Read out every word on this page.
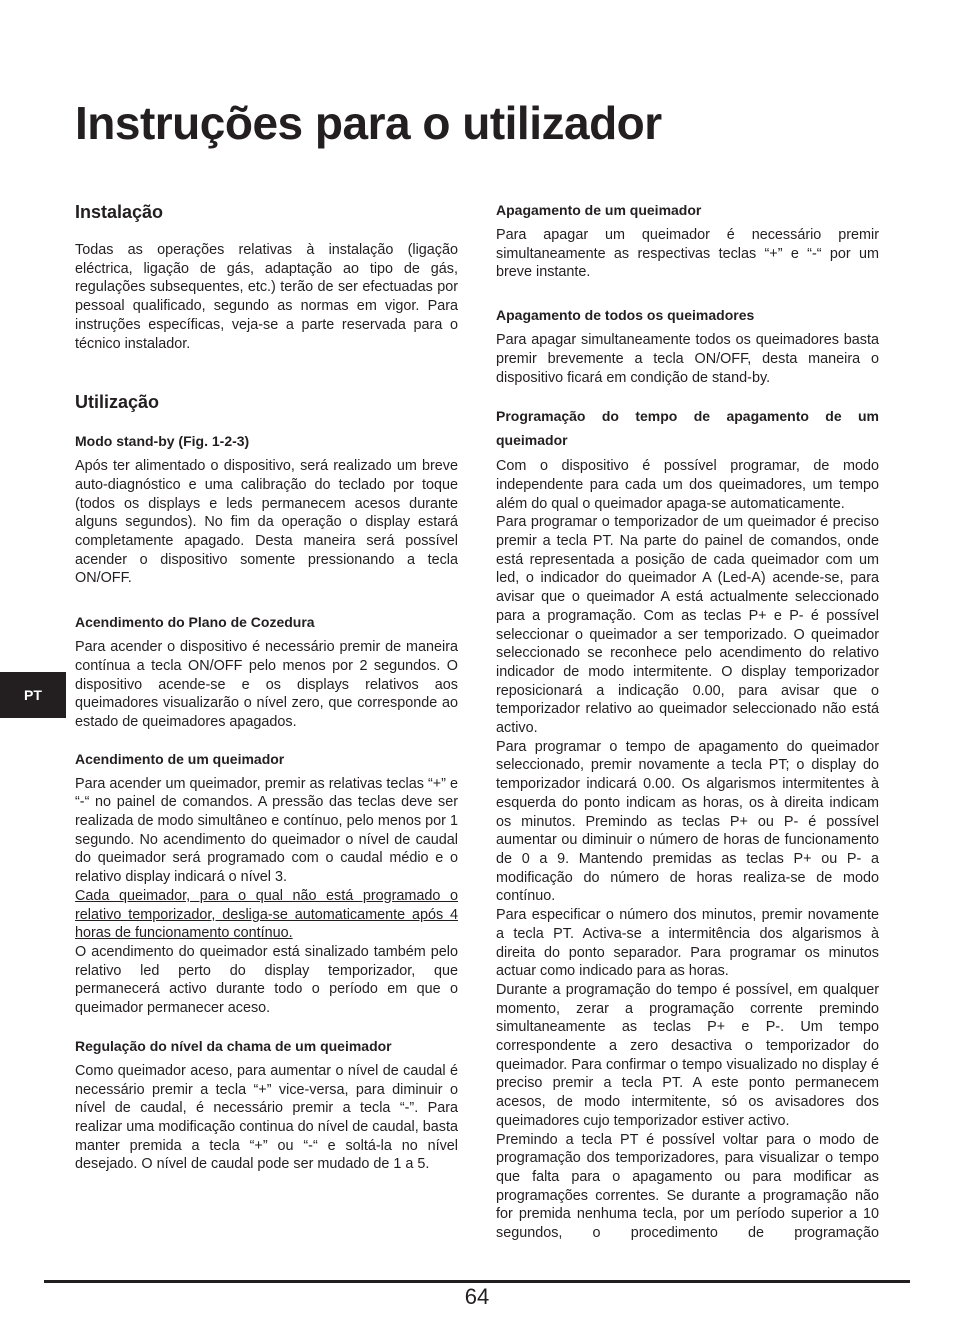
Instruções para o utilizador
Instalação

Todas as operações relativas à instalação (ligação eléctrica, ligação de gás, adaptação ao tipo de gás, regulações subsequentes, etc.) terão de ser efectuadas por pessoal qualificado, segundo as normas em vigor. Para instruções específicas, veja-se a parte reservada para o técnico instalador.

Utilização
Modo stand-by (Fig. 1-2-3)

Após ter alimentado o dispositivo, será realizado um breve auto-diagnóstico e uma calibração do teclado por toque (todos os displays e leds permanecem acesos durante alguns segundos). No fim da operação o display estará completamente apagado. Desta maneira será possível acender o dispositivo somente pressionando a tecla ON/OFF.

Acendimento do Plano de Cozedura

Para acender o dispositivo é necessário premir de maneira contínua a tecla ON/OFF pelo menos por 2 segundos. O dispositivo acende-se e os displays relativos aos queimadores visualizarão o nível zero, que corresponde ao estado de queimadores apagados.

Acendimento de um queimador

Para acender um queimador, premir as relativas teclas “+” e “-“ no painel de comandos. A pressão das teclas deve ser realizada de modo simultâneo e contínuo, pelo menos por 1 segundo. No acendimento do queimador o nível de caudal do queimador será programado com o caudal médio e o relativo display indicará o nível 3.

Cada queimador, para o qual não está programado o relativo temporizador, desliga-se automaticamente após 4 horas de funcionamento contínuo.

O acendimento do queimador está sinalizado também pelo relativo led perto do display temporizador, que permanecerá activo durante todo o período em que o queimador permanecer aceso.

Regulação do nível da chama de um queimador

Como queimador aceso, para aumentar o nível de caudal é necessário premir a tecla “+” vice-versa, para diminuir o nível de caudal, é necessário premir a tecla “-”. Para realizar uma modificação continua do nível de caudal, basta manter premida a tecla “+” ou “-“ e soltá-la no nível desejado. O nível de caudal pode ser mudado de 1 a 5.

Apagamento de um queimador

Para apagar um queimador é necessário premir simultaneamente as respectivas teclas “+” e “-“ por um breve instante.

Apagamento de todos os queimadores

Para apagar simultaneamente todos os queimadores basta premir brevemente a tecla ON/OFF, desta maneira o dispositivo ficará em condição de stand-by.

Programação do tempo de apagamento de um queimador

Com o dispositivo é possível programar, de modo independente para cada um dos queimadores, um tempo além do qual o queimador apaga-se automaticamente.

Para programar o temporizador de um queimador é preciso premir a tecla PT. Na parte do painel de comandos, onde está representada a posição de cada queimador com um led, o indicador do queimador A (Led-A) acende-se, para avisar que o queimador A está actualmente seleccionado para a programação. Com as teclas P+ e P- é possível seleccionar o queimador a ser temporizado. O queimador seleccionado se reconhece pelo acendimento do relativo indicador de modo intermitente. O display temporizador reposicionará a indicação 0.00, para avisar que o temporizador relativo ao queimador seleccionado não está activo.

Para programar o tempo de apagamento do queimador seleccionado, premir novamente a tecla PT; o display do temporizador indicará 0.00. Os algarismos intermitentes à esquerda do ponto indicam as horas, os à direita indicam os minutos. Premindo as teclas P+ ou P- é possível aumentar ou diminuir o número de horas de funcionamento de 0 a 9. Mantendo premidas as teclas P+ ou P- a modificação do número de horas realiza-se de modo contínuo.

Para especificar o número dos minutos, premir novamente a tecla PT. Activa-se a intermitência dos algarismos à direita do ponto separador. Para programar os minutos actuar como indicado para as horas.

Durante a programação do tempo é possível, em qualquer momento, zerar a programação corrente premindo simultaneamente as teclas P+ e P-. Um tempo correspondente a zero desactiva o temporizador do queimador. Para confirmar o tempo visualizado no display é preciso premir a tecla PT. A este ponto permanecem acesos, de modo intermitente, só os avisadores dos queimadores cujo temporizador estiver activo.

Premindo a tecla PT é possível voltar para o modo de programação dos temporizadores, para visualizar o tempo que falta para o apagamento ou para modificar as programações correntes. Se durante a programação não for premida nenhuma tecla, por um período superior a 10 segundos, o procedimento de programação

PT
64
